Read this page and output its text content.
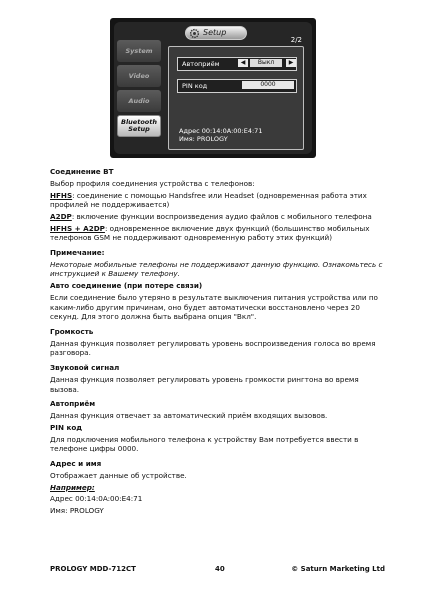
Setup
2/2
System
Video
Audio
Bluetooth Setup
Автоприём	◀	Выкл	▶
PIN код	0000
Адрес 00:14:0A:00:E4:71
Имя: PROLOGY

Соединение BT

Выбор профиля соединения устройства с телефонов:

HFHS: соединение с помощью Handsfree или Headset (одновременная работа этих профилей не поддерживается)

A2DP: включение функции воспроизведения аудио файлов с мобильного телефона

HFHS + A2DP: одновременное включение двух функций (большинство мобильных телефонов GSM не поддерживают одновременную работу этих функций)

Примечание:

Некоторые мобильные телефоны не поддерживают данную функцию. Ознакомьтесь с инструкцией к Вашему телефону.

Авто соединение (при потере связи)

Если соединение было утеряно в результате выключения питания устройства или по каким-либо другим причинам, оно будет автоматически восстановлено через 20 секунд. Для этого должна быть выбрана опция "Вкл".

Громкость

Данная функция позволяет регулировать уровень воспроизведения голоса во время разговора.

Звуковой сигнал

Данная функция позволяет регулировать уровень громкости рингтона во время вызова.

Автоприём

Данная функция отвечает за автоматический приём входящих вызовов.

PIN код

Для подключения мобильного телефона к устройству Вам потребуется ввести в телефоне цифры 0000.

Адрес и имя

Отображает данные об устройстве.

Например:

Адрес 00:14:0A:00:E4:71

Имя: PROLOGY

PROLOGY MDD-712CT	40	© Saturn Marketing Ltd
